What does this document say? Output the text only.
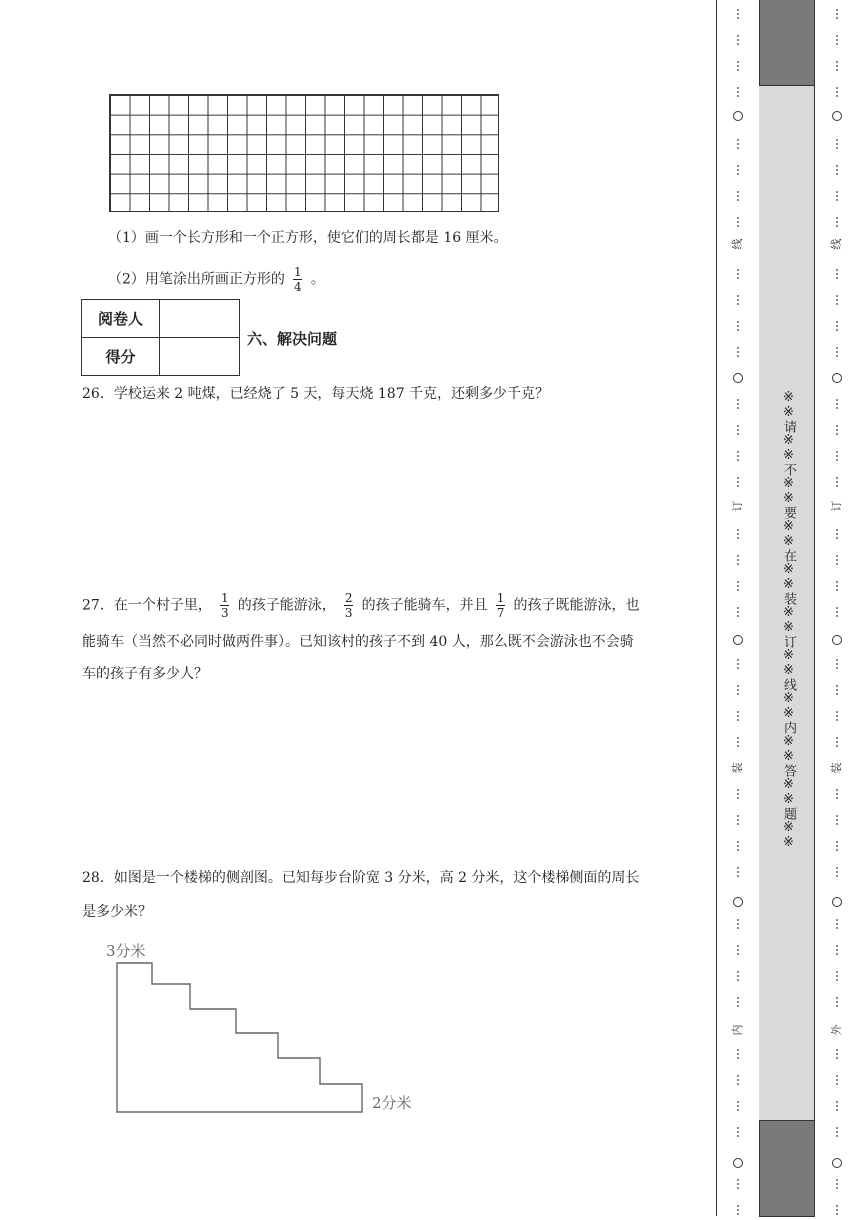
（1）画一个长方形和一个正方形，使它们的周长都是 16 厘米。
（2）用笔涂出所画正方形的 $\frac{1}{4}$ 。
阅卷人	
得分	
六、解决问题
26．学校运来 2 吨煤，已经烧了 5 天，每天烧 187 千克，还剩多少千克？
27．在一个村子里， $\frac{1}{3}$ 的孩子能游泳， $\frac{2}{3}$ 的孩子能骑车，并且 $\frac{1}{7}$ 的孩子既能游泳，也
能骑车（当然不必同时做两件事）。已知该村的孩子不到 40 人，那么既不会游泳也不会骑
车的孩子有多少人？
28．如图是一个楼梯的侧剖图。已知每步台阶宽 3 分米，高 2 分米，这个楼梯侧面的周长
是多少米？
3分米
2分米
线
订
装
内
※※请※※不※※要※※在※※装※※订※※线※※内※※答※※题※※
线
订
装
外
